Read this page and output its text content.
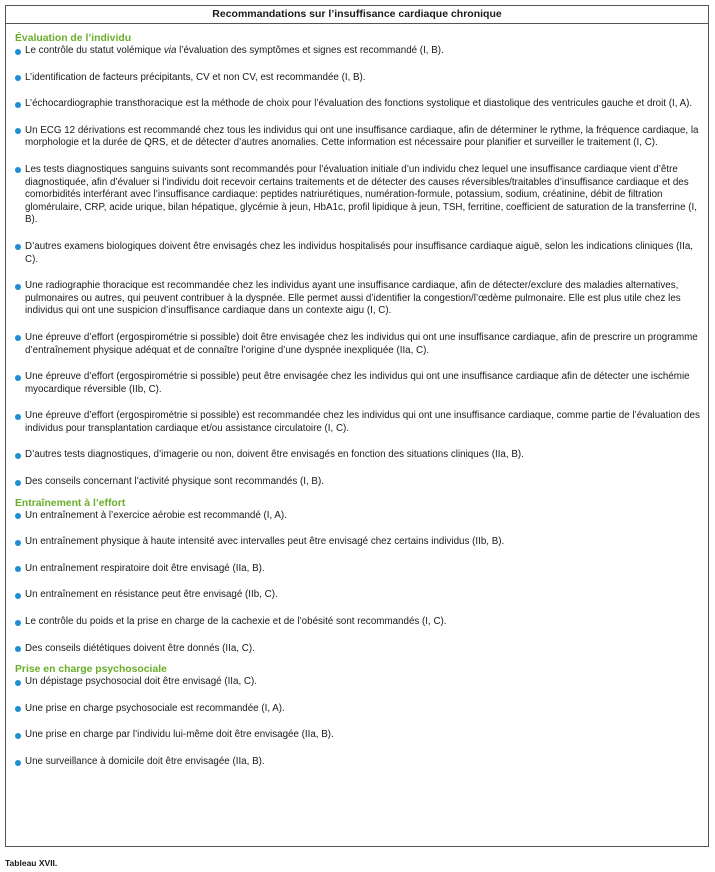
Recommandations sur l’insuffisance cardiaque chronique
Évaluation de l’individu
Le contrôle du statut volémique via l’évaluation des symptômes et signes est recommandé (I, B).
L’identification de facteurs précipitants, CV et non CV, est recommandée (I, B).
L’échocardiographie transthoracique est la méthode de choix pour l’évaluation des fonctions systolique et diastolique des ventricules gauche et droit (I, A).
Un ECG 12 dérivations est recommandé chez tous les individus qui ont une insuffisance cardiaque, afin de déterminer le rythme, la fréquence cardiaque, la morphologie et la durée de QRS, et de détecter d’autres anomalies. Cette information est nécessaire pour planifier et surveiller le traitement (I, C).
Les tests diagnostiques sanguins suivants sont recommandés pour l’évaluation initiale d’un individu chez lequel une insuffisance cardiaque vient d’être diagnostiquée, afin d’évaluer si l’individu doit recevoir certains traitements et de détecter des causes réversibles/traitables d’insuffisance cardiaque et des comorbidités interférant avec l’insuffisance cardiaque: peptides natriurétiques, numération-formule, potassium, sodium, créatinine, débit de filtration glomérulaire, CRP, acide urique, bilan hépatique, glycémie à jeun, HbA1c, profil lipidique à jeun, TSH, ferritine, coefficient de saturation de la transferrine (I, B).
D’autres examens biologiques doivent être envisagés chez les individus hospitalisés pour insuffisance cardiaque aiguë, selon les indications cliniques (IIa, C).
Une radiographie thoracique est recommandée chez les individus ayant une insuffisance cardiaque, afin de détecter/exclure des maladies alternatives, pulmonaires ou autres, qui peuvent contribuer à la dyspnée. Elle permet aussi d’identifier la congestion/l’œdème pulmonaire. Elle est plus utile chez les individus qui ont une suspicion d’insuffisance cardiaque dans un contexte aigu (I, C).
Une épreuve d’effort (ergospirométrie si possible) doit être envisagée chez les individus qui ont une insuffisance cardiaque, afin de prescrire un programme d’entraînement physique adéquat et de connaître l’origine d’une dyspnée inexpliquée (IIa, C).
Une épreuve d’effort (ergospirométrie si possible) peut être envisagée chez les individus qui ont une insuffisance cardiaque afin de détecter une ischémie myocardique réversible (IIb, C).
Une épreuve d’effort (ergospirométrie si possible) est recommandée chez les individus qui ont une insuffisance cardiaque, comme partie de l’évaluation des individus pour transplantation cardiaque et/ou assistance circulatoire (I, C).
D’autres tests diagnostiques, d’imagerie ou non, doivent être envisagés en fonction des situations cliniques (IIa, B).
Des conseils concernant l’activité physique sont recommandés (I, B).
Entraînement à l’effort
Un entraînement à l’exercice aérobie est recommandé (I, A).
Un entraînement physique à haute intensité avec intervalles peut être envisagé chez certains individus (IIb, B).
Un entraînement respiratoire doit être envisagé (IIa, B).
Un entraînement en résistance peut être envisagé (IIb, C).
Le contrôle du poids et la prise en charge de la cachexie et de l’obésité sont recommandés (I, C).
Des conseils diététiques doivent être donnés (IIa, C).
Prise en charge psychosociale
Un dépistage psychosocial doit être envisagé (IIa, C).
Une prise en charge psychosociale est recommandée (I, A).
Une prise en charge par l’individu lui-même doit être envisagée (IIa, B).
Une surveillance à domicile doit être envisagée (IIa, B).
Tableau XVII.
